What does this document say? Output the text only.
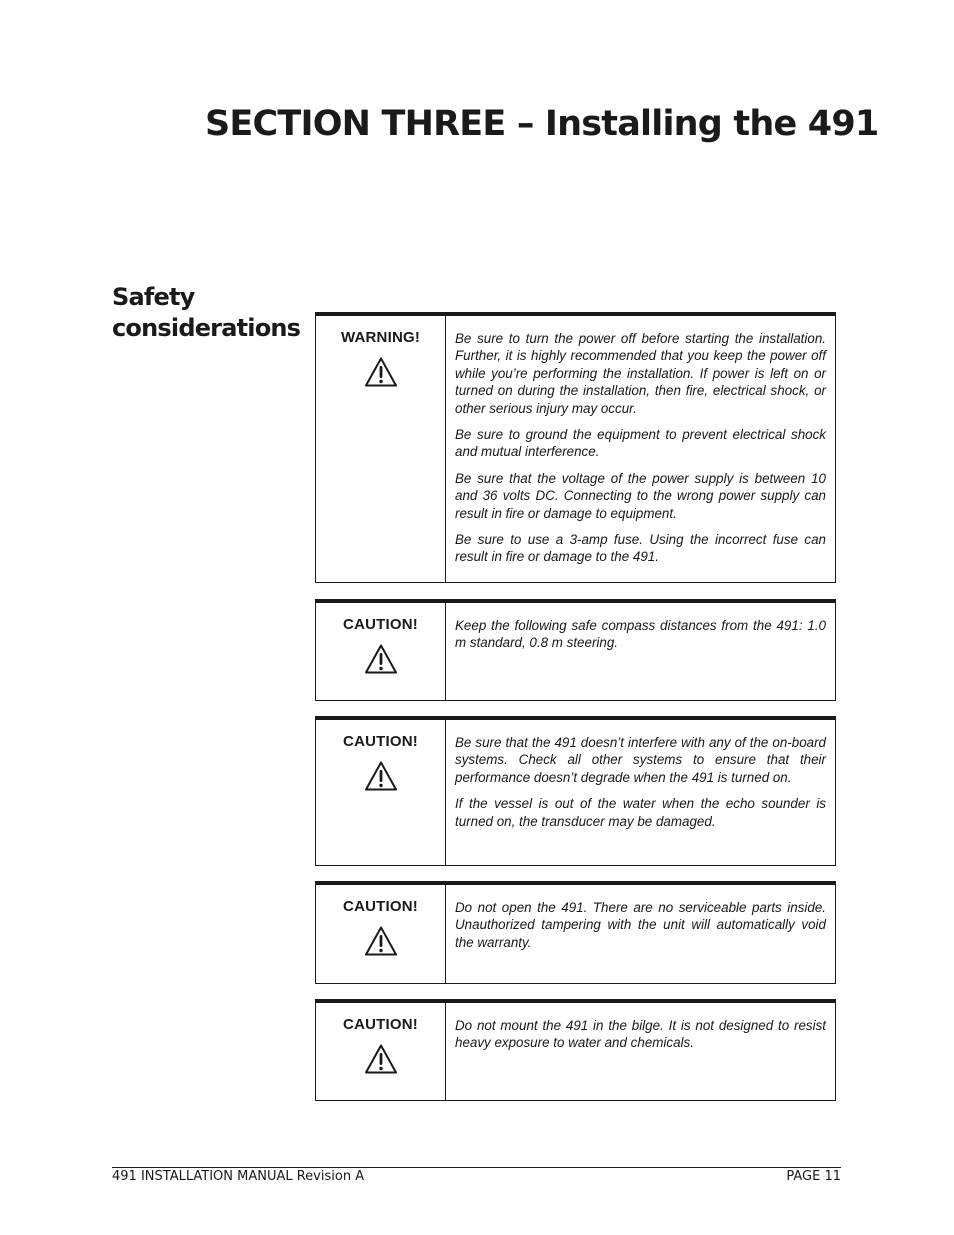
SECTION THREE – Installing the 491
Safety considerations	WARNING!	Be sure to turn the power off before starting the installation. Further, it is highly recommended that you keep the power off while you’re performing the installation. If power is left on or turned on during the installation, then fire, electrical shock, or other serious injury may occur.

Be sure to ground the equipment to prevent electrical shock and mutual interference.

Be sure that the voltage of the power supply is between 10 and 36 volts DC. Connecting to the wrong power supply can result in fire or damage to equipment.

Be sure to use a 3-amp fuse. Using the incorrect fuse can result in fire or damage to the 491.

CAUTION!	Keep the following safe compass distances from the 491: 1.0 m standard, 0.8 m steering.

CAUTION!	Be sure that the 491 doesn’t interfere with any of the on-board systems. Check all other systems to ensure that their performance doesn’t degrade when the 491 is turned on.

If the vessel is out of the water when the echo sounder is turned on, the transducer may be damaged.

CAUTION!	Do not open the 491. There are no serviceable parts inside. Unauthorized tampering with the unit will automatically void the warranty.

CAUTION!	Do not mount the 491 in the bilge. It is not designed to resist heavy exposure to water and chemicals.

491 INSTALLATION MANUAL Revision A	PAGE 11
